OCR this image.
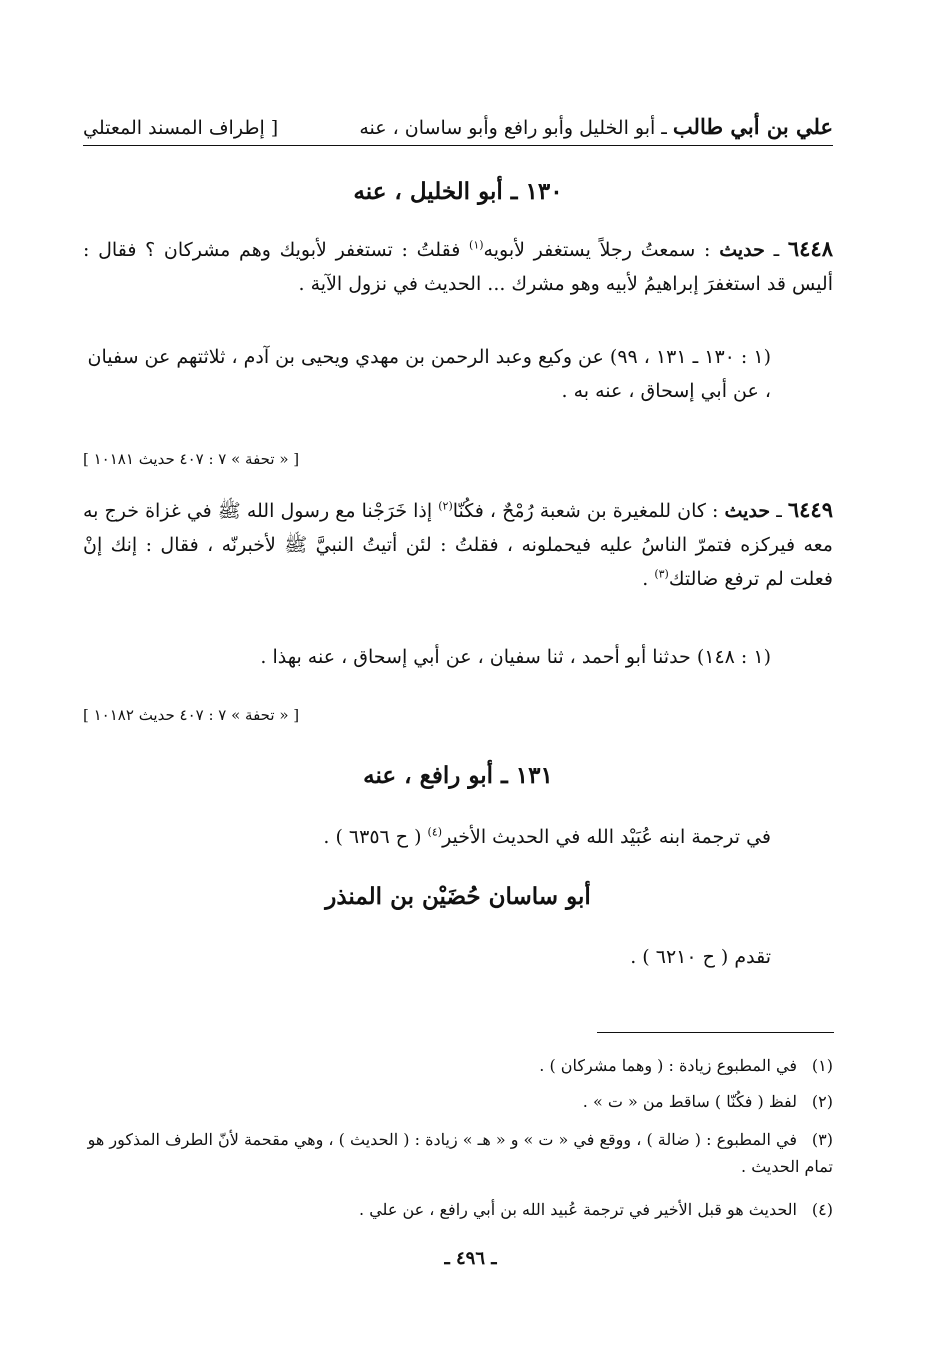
علي بن أبي طالب ـ أبو الخليل وأبو رافع وأبو ساسان ، عنه
[ إطراف المسند المعتلي
١٣٠ ـ أبو الخليل ، عنه
٦٤٤٨ ـ حديث : سمعتُ رجلاً يستغفر لأبويه$^{(١)}$ فقلتُ : تستغفر لأبويك وهم مشركان ؟ فقال : أليس قد استغفرَ إبراهيمُ لأبيه وهو مشرك ... الحديث في نزول الآية .
(١ : ١٣٠ ـ ١٣١ ، ٩٩) عن وكيع وعبد الرحمن بن مهدي ويحيى بن آدم ، ثلاثتهم عن سفيان ، عن أبي إسحاق ، عنه به .
[ « تحفة » ٧ : ٤٠٧ حديث ١٠١٨١ ]
٦٤٤٩ ـ حديث : كان للمغيرة بن شعبة رُمْحٌ ، فكُنّا$^{(٢)}$ إذا خَرَجْنا مع رسول الله ﷺ في غزاة خرج به معه فيركزه فتمرّ الناسُ عليه فيحملونه ، فقلتُ : لئن أتيتُ النبيَّ ﷺ لأخبرنّه ، فقال : إنك إنْ فعلت لم ترفع ضالتك$^{(٣)}$ .
(١ : ١٤٨) حدثنا أبو أحمد ، ثنا سفيان ، عن أبي إسحاق ، عنه بهذا .
[ « تحفة » ٧ : ٤٠٧ حديث ١٠١٨٢ ]
١٣١ ـ أبو رافع ، عنه
في ترجمة ابنه عُبَيْد الله في الحديث الأخير$^{(٤)}$ ( ح ٦٣٥٦ ) .
أبو ساسان حُضَيْن بن المنذر
تقدم ( ح ٦٢١٠ ) .
(١)في المطبوع زيادة : ( وهما مشركان ) .
(٢)لفظ ( فكُنّا ) ساقط من « ت » .
(٣)في المطبوع : ( ضالة ) ، ووقع في « ت » و « هـ » زيادة : ( الحديث ) ، وهي مقحمة لأنّ الطرف المذكور هو تمام الحديث .
(٤)الحديث هو قبل الأخير في ترجمة عُبيد الله بن أبي رافع ، عن علي .
ـ ٤٩٦ ـ
